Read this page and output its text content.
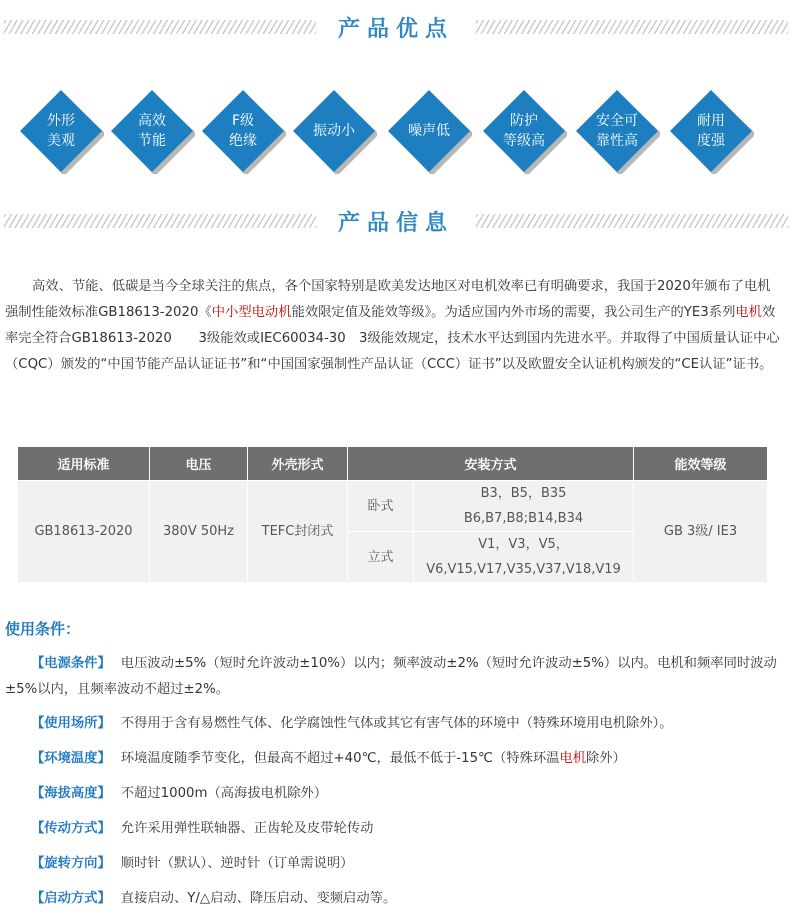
产品优点
外形
美观
高效
节能
F级
绝缘
振动小	噪声低
防护
等级高
安全可
靠性高
耐用
度强
产品信息

高效、节能、低碳是当今全球关注的焦点，各个国家特别是欧美发达地区对电机效率已有明确要求，我国于2020年颁布了电机强制性能效标准GB18613-2020《中小型电动机能效限定值及能效等级》。为适应国内外市场的需要，我公司生产的YE3系列电机效率完全符合GB18613-2020　　3级能效或IEC60034-30　3级能效规定，技术水平达到国内先进水平。并取得了中国质量认证中心（CQC）颁发的“中国节能产品认证证书”和“中国国家强制性产品认证（CCC）证书”以及欧盟安全认证机构颁发的“CE认证”证书。

适用标准	电压	外壳形式	安装方式		能效等级
GB18613-2020	380V 50Hz	TEFC封闭式	卧式	B3，B5，B35
B6,B7,B8;B14,B34	GB 3级/ IE3
			立式	V1，V3，V5，
V6,V15,V17,V35,V37,V18,V19	

使用条件：

【电源条件】 电压波动±5%（短时允许波动±10%）以内；频率波动±2%（短时允许波动±5%）以内。电机和频率同时波动±5%以内，且频率波动不超过±2%。

【使用场所】 不得用于含有易燃性气体、化学腐蚀性气体或其它有害气体的环境中（特殊环境用电机除外）。

【环境温度】 环境温度随季节变化，但最高不超过+40℃，最低不低于-15℃（特殊环温电机除外）

【海拔高度】 不超过1000m（高海拔电机除外）

【传动方式】 允许采用弹性联轴器、正齿轮及皮带轮传动

【旋转方向】 顺时针（默认）、逆时针（订单需说明）

【启动方式】 直接启动、Y/△启动、降压启动、变频启动等。
